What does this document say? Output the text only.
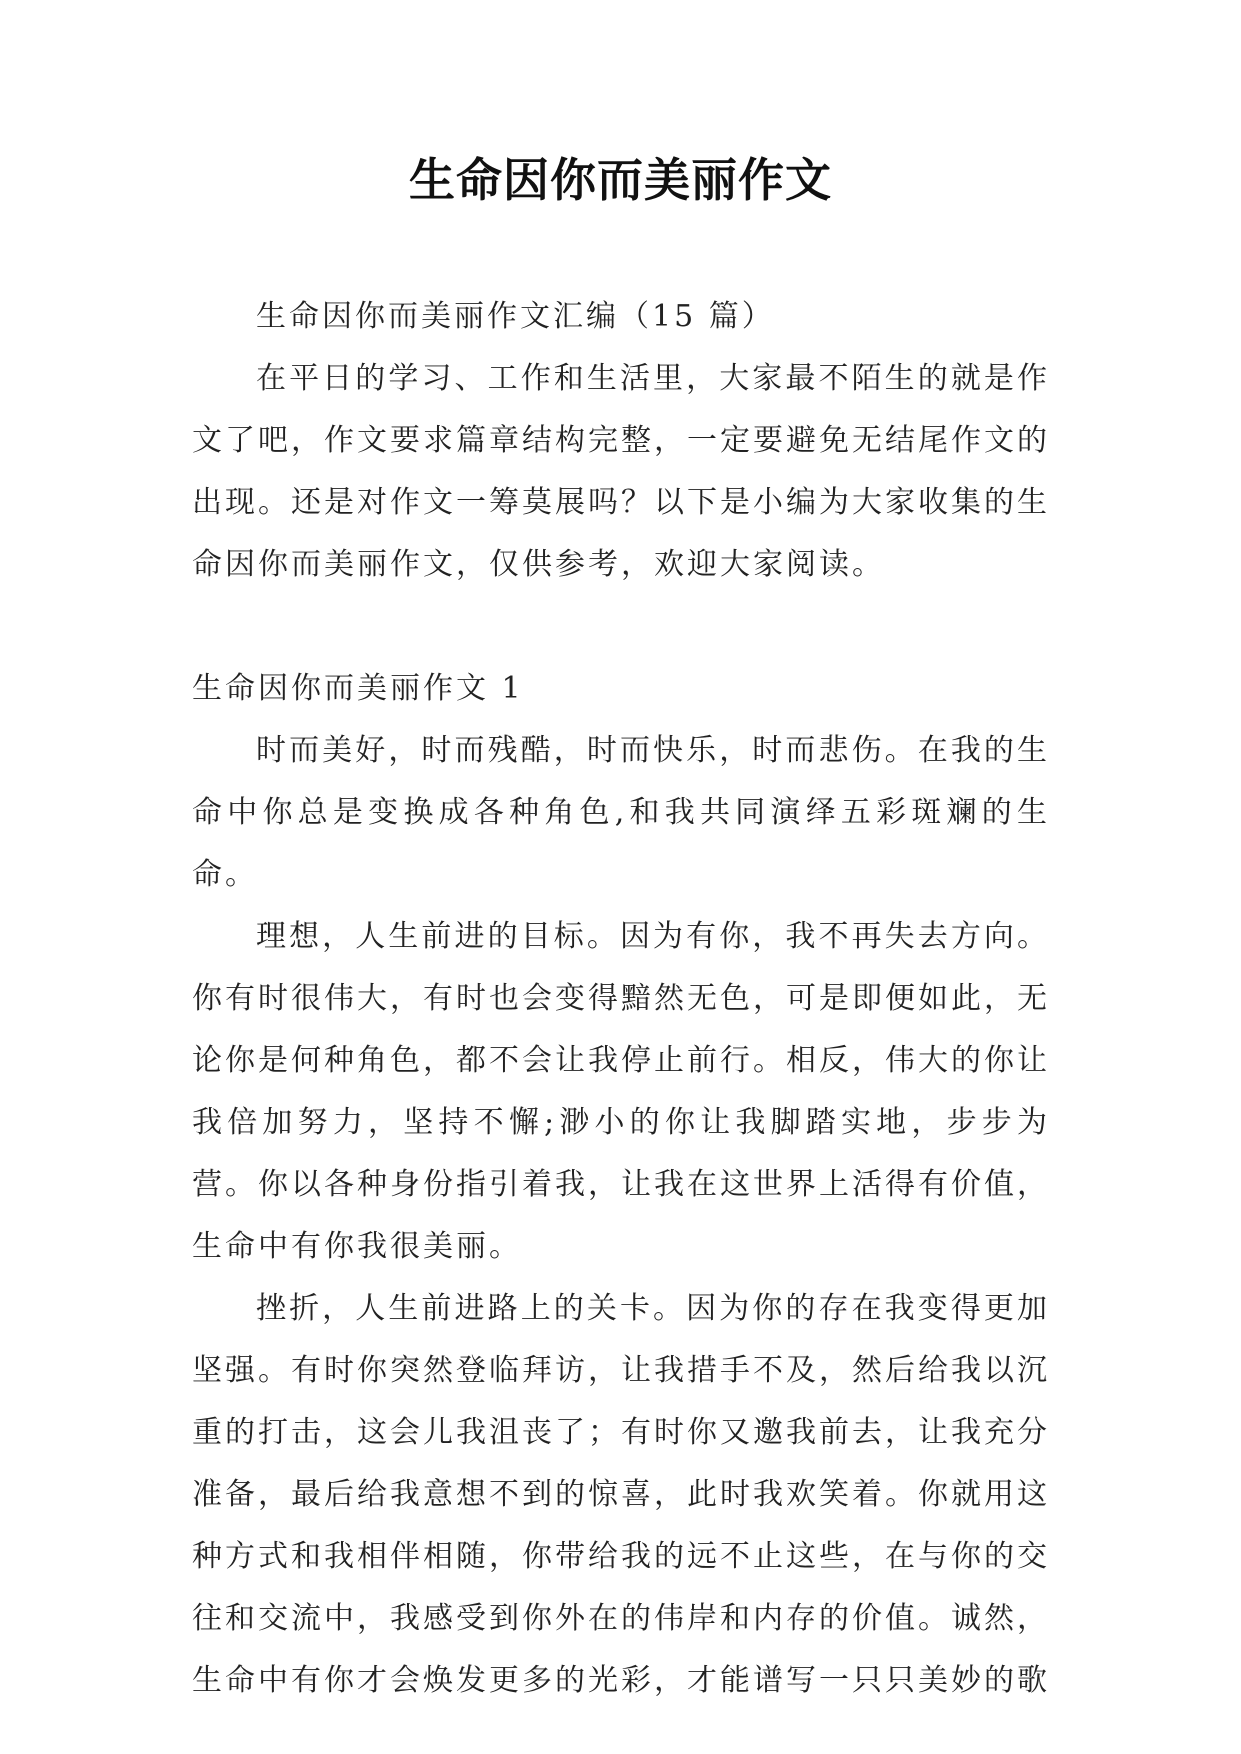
生命因你而美丽作文

生命因你而美丽作文汇编（15 篇）

在平日的学习、工作和生活里，大家最不陌生的就是作文了吧，作文要求篇章结构完整，一定要避免无结尾作文的出现。还是对作文一筹莫展吗？以下是小编为大家收集的生命因你而美丽作文，仅供参考，欢迎大家阅读。

生命因你而美丽作文 1

时而美好，时而残酷，时而快乐，时而悲伤。在我的生命中你总是变换成各种角色,和我共同演绎五彩斑斓的生命。

理想，人生前进的目标。因为有你，我不再失去方向。你有时很伟大，有时也会变得黯然无色，可是即便如此，无论你是何种角色，都不会让我停止前行。相反，伟大的你让我倍加努力，坚持不懈;渺小的你让我脚踏实地，步步为营。你以各种身份指引着我，让我在这世界上活得有价值，生命中有你我很美丽。

挫折，人生前进路上的关卡。因为你的存在我变得更加坚强。有时你突然登临拜访，让我措手不及，然后给我以沉重的打击，这会儿我沮丧了；有时你又邀我前去，让我充分准备，最后给我意想不到的惊喜，此时我欢笑着。你就用这种方式和我相伴相随，你带给我的远不止这些，在与你的交往和交流中，我感受到你外在的伟岸和内存的价值。诚然，生命中有你才会焕发更多的光彩，才能谱写一只只美妙的歌
